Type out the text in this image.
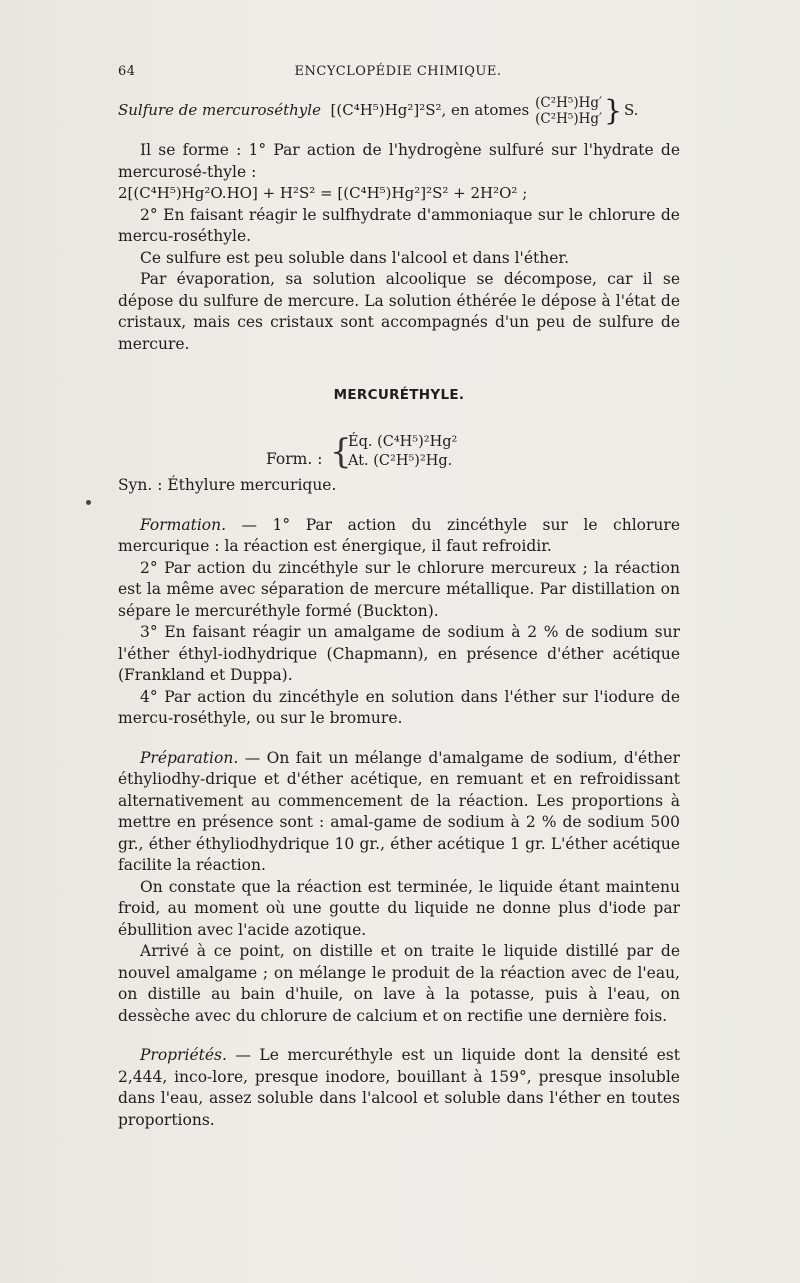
64	ENCYCLOPÉDIE CHIMIQUE.
Sulfure de mercuroséthyle
[(C⁴H⁵)Hg²]²S², en atomes (C²H⁵)Hg′
(C²H⁵)Hg′ } S.

Il se forme : 1° Par action de l'hydrogène sulfuré sur l'hydrate de mercurosé-thyle :

2[(C⁴H⁵)Hg²O.HO] + H²S² = [(C⁴H⁵)Hg²]²S² + 2H²O² ;

2° En faisant réagir le sulfhydrate d'ammoniaque sur le chlorure de mercu-roséthyle.

Ce sulfure est peu soluble dans l'alcool et dans l'éther.

Par évaporation, sa solution alcoolique se décompose, car il se dépose du sulfure de mercure. La solution éthérée le dépose à l'état de cristaux, mais ces cristaux sont accompagnés d'un peu de sulfure de mercure.

MERCURÉTHYLE.
Form. : {
Éq. (C⁴H⁵)²Hg²
At. (C²H⁵)²Hg.
Syn. : Éthylure mercurique.

Formation. — 1° Par action du zincéthyle sur le chlorure mercurique : la réaction est énergique, il faut refroidir.

2° Par action du zincéthyle sur le chlorure mercureux ; la réaction est la même avec séparation de mercure métallique. Par distillation on sépare le mercuréthyle formé (Buckton).

3° En faisant réagir un amalgame de sodium à 2 % de sodium sur l'éther éthyl-iodhydrique (Chapmann), en présence d'éther acétique (Frankland et Duppa).

4° Par action du zincéthyle en solution dans l'éther sur l'iodure de mercu-roséthyle, ou sur le bromure.

Préparation. — On fait un mélange d'amalgame de sodium, d'éther éthyliodhy-drique et d'éther acétique, en remuant et en refroidissant alternativement au commencement de la réaction. Les proportions à mettre en présence sont : amal-game de sodium à 2 % de sodium 500 gr., éther éthyliodhydrique 10 gr., éther acétique 1 gr. L'éther acétique facilite la réaction.

On constate que la réaction est terminée, le liquide étant maintenu froid, au moment où une goutte du liquide ne donne plus d'iode par ébullition avec l'acide azotique.

Arrivé à ce point, on distille et on traite le liquide distillé par de nouvel amalgame ; on mélange le produit de la réaction avec de l'eau, on distille au bain d'huile, on lave à la potasse, puis à l'eau, on dessèche avec du chlorure de calcium et on rectifie une dernière fois.

Propriétés. — Le mercuréthyle est un liquide dont la densité est 2,444, inco-lore, presque inodore, bouillant à 159°, presque insoluble dans l'eau, assez soluble dans l'alcool et soluble dans l'éther en toutes proportions.
